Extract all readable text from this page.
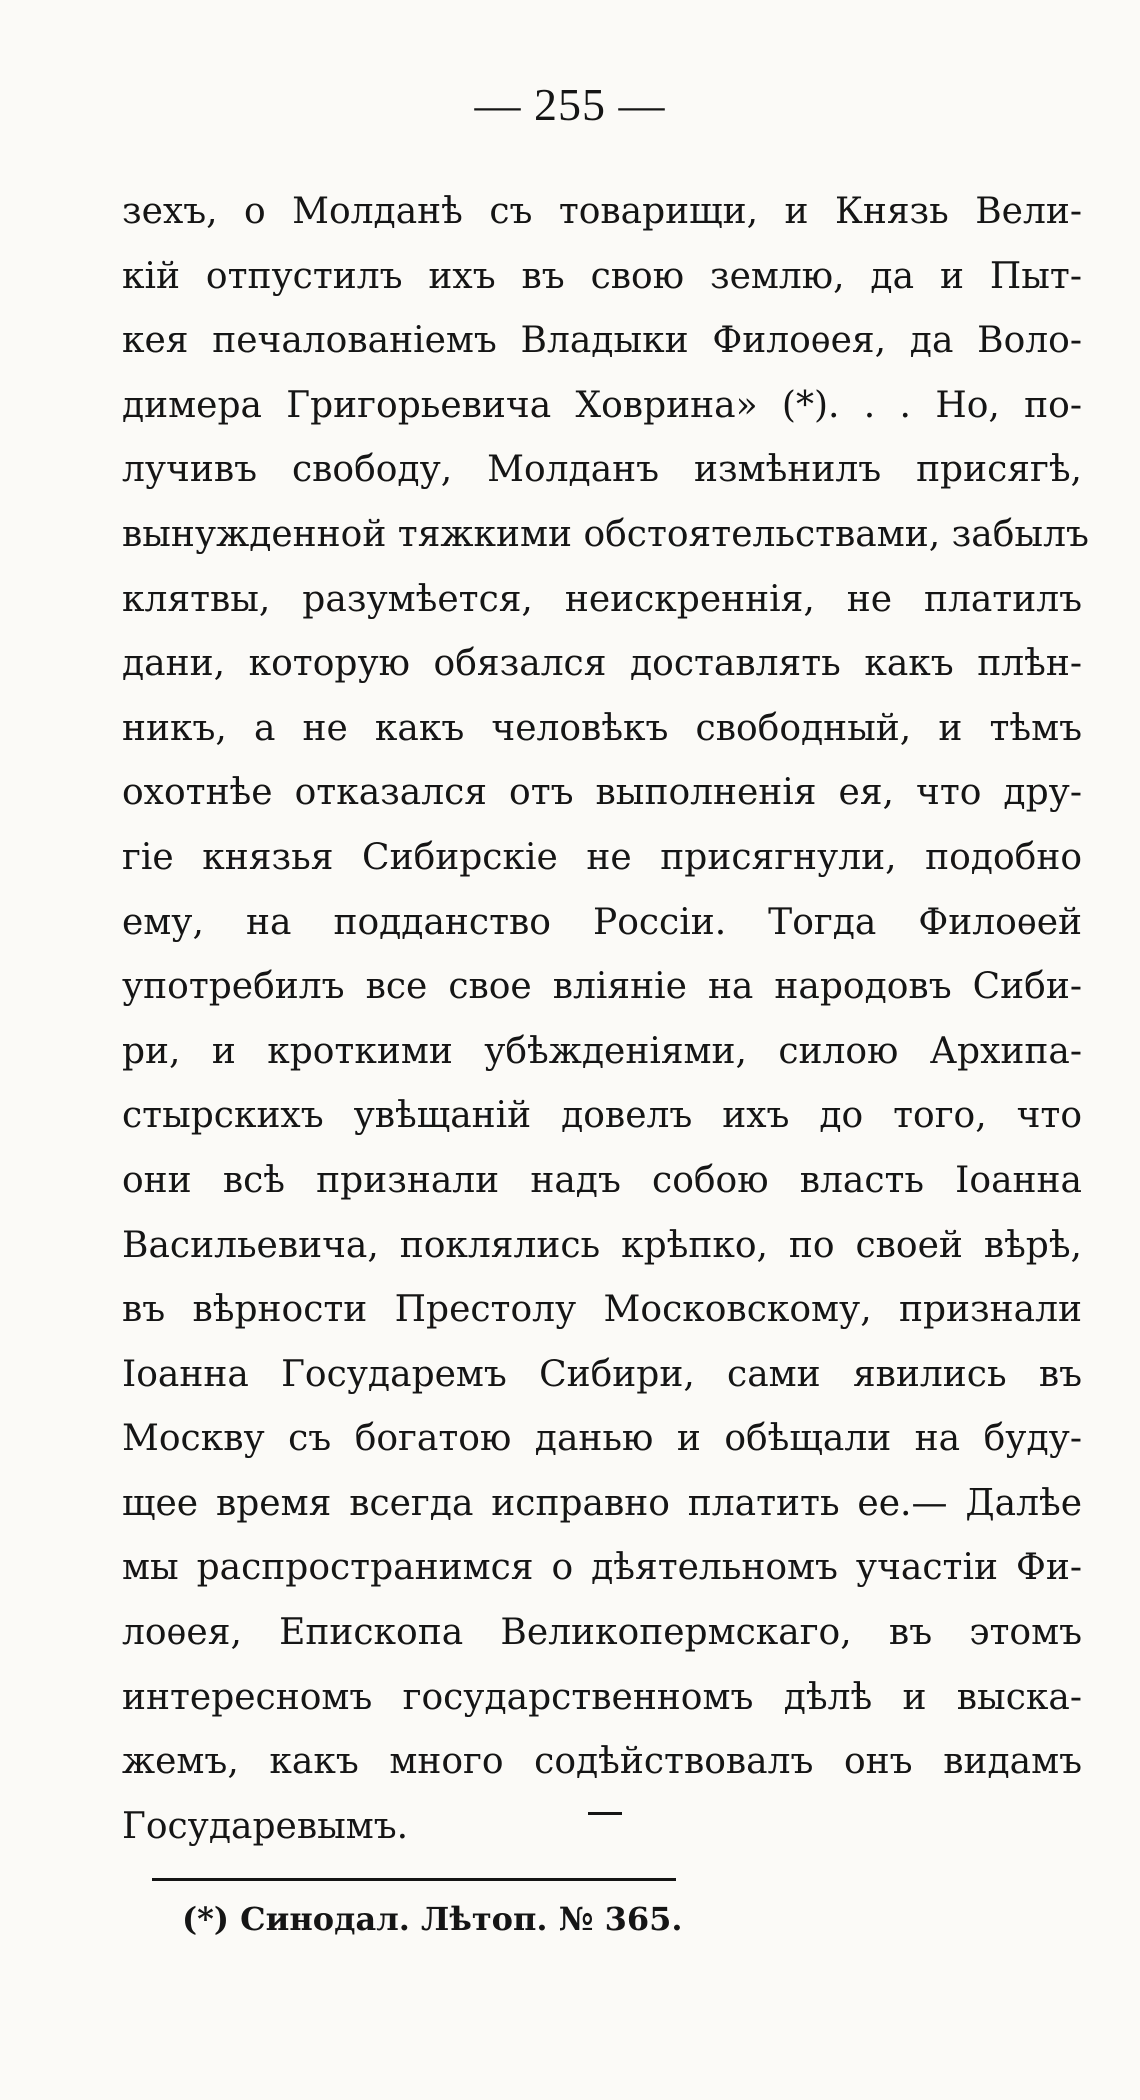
— 255 —
зехъ, о Молданѣ съ товарищи, и Князь Вели-
кій отпустилъ ихъ въ свою землю, да и Пыт-
кея печалованіемъ Владыки Филоѳея, да Воло-
димера Григорьевича Ховрина» (*). . . Но, по-
лучивъ свободу, Молданъ измѣнилъ присягѣ,
вынужденной тяжкими обстоятельствами, забылъ
клятвы, разумѣется, неискреннія, не платилъ
дани, которую обязался доставлять какъ плѣн-
никъ, а не какъ человѣкъ свободный, и тѣмъ
охотнѣе отказался отъ выполненія ея, что дру-
гіе князья Сибирскіе не присягнули, подобно
ему, на подданство Россіи. Тогда Филоѳей
употребилъ все свое вліяніе на народовъ Сиби-
ри, и кроткими убѣжденіями, силою Архипа-
стырскихъ увѣщаній довелъ ихъ до того, что
они всѣ признали надъ собою власть Іоанна
Васильевича, поклялись крѣпко, по своей вѣрѣ,
въ вѣрности Престолу Московскому, признали
Іоанна Государемъ Сибири, сами явились въ
Москву съ богатою данью и обѣщали на буду-
щее время всегда исправно платить ее.— Далѣе
мы распространимся о дѣятельномъ участіи Фи-
лоѳея, Епископа Великопермскаго, въ этомъ
интересномъ государственномъ дѣлѣ и выска-
жемъ, какъ много содѣйствовалъ онъ видамъ
Государевымъ.
(*) Синодал. Лѣтоп. № 365.
